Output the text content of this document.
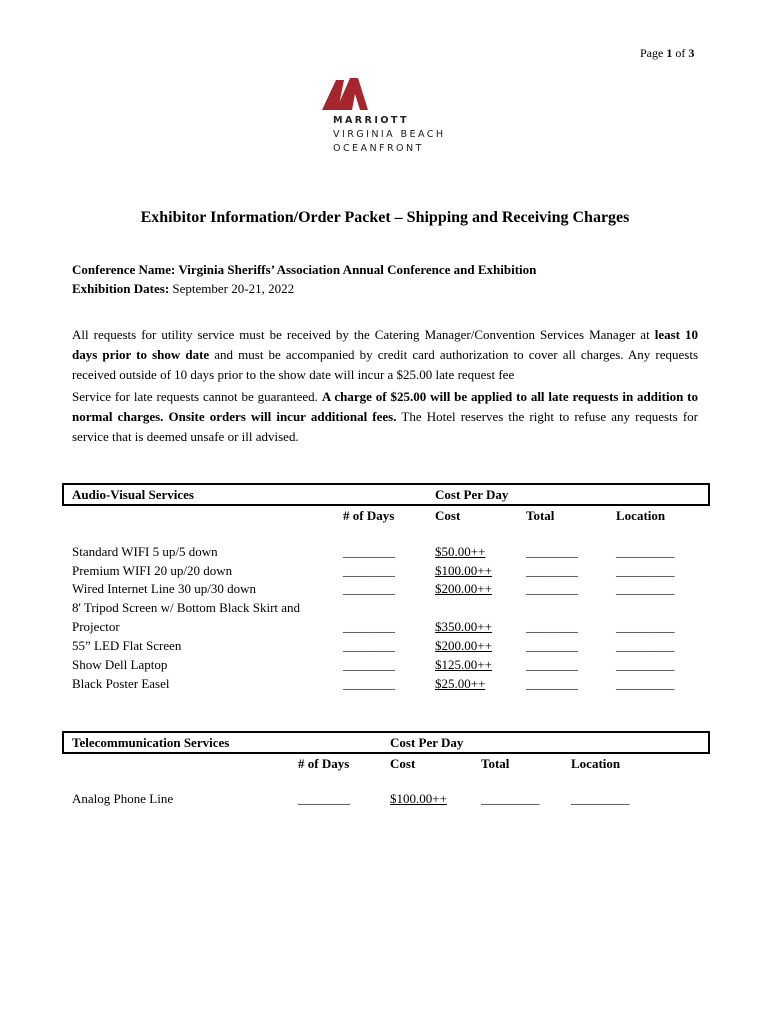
Page 1 of 3
MARRIOTT
VIRGINIA BEACH
OCEANFRONT
Exhibitor Information/Order Packet – Shipping and Receiving Charges
Conference Name: Virginia Sheriffs’ Association Annual Conference and Exhibition
Exhibition Dates: September 20-21, 2022
All requests for utility service must be received by the Catering Manager/Convention Services Manager at least 10 days prior to show date and must be accompanied by credit card authorization to cover all charges. Any requests received outside of 10 days prior to the show date will incur a $25.00 late request fee
Service for late requests cannot be guaranteed. A charge of $25.00 will be applied to all late requests in addition to normal charges. Onsite orders will incur additional fees. The Hotel reserves the right to refuse any requests for service that is deemed unsafe or ill advised.
Audio-Visual Services	Cost Per Day
# of Days	Cost	Total	Location
Standard WIFI 5 up/5 down	________	$50.00++	________	_________
Premium WIFI 20 up/20 down	________	$100.00++	________	_________
Wired Internet Line 30 up/30 down	________	$200.00++	________	_________
8' Tripod Screen w/ Bottom Black Skirt and
Projector	________	$350.00++	________	_________
55” LED Flat Screen	________	$200.00++	________	_________
Show Dell Laptop	________	$125.00++	________	_________
Black Poster Easel	________	$25.00++	________	_________
Telecommunication Services	Cost Per Day
# of Days	Cost	Total	Location
Analog Phone Line	________	$100.00++	_________ _________
